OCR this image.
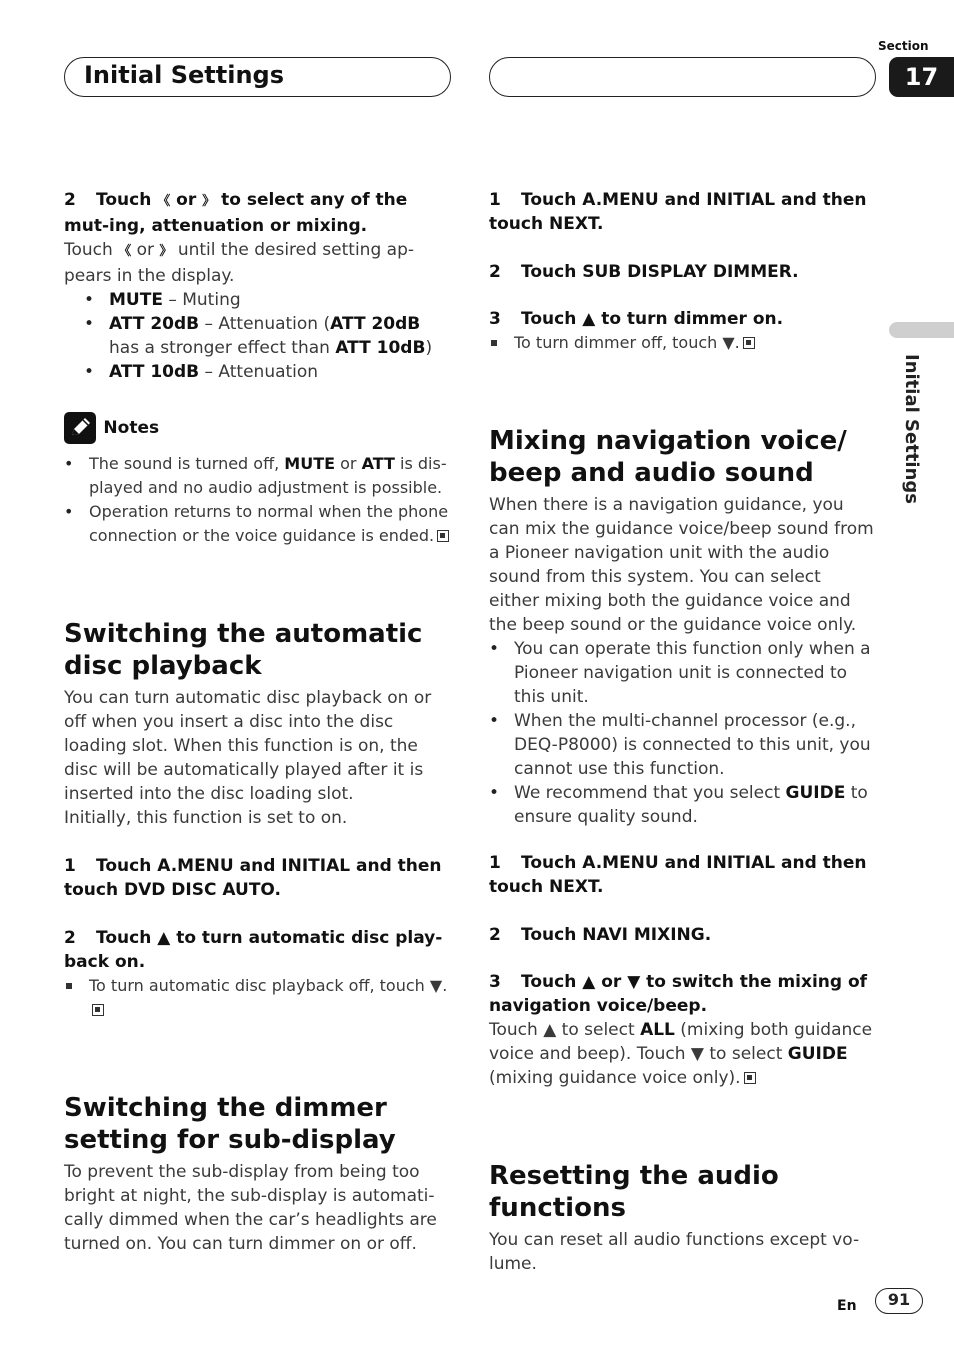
Initial Settings
Section
17
Initial Settings
2 Touch 《 or 》 to select any of the mut-ing, attenuation or mixing.
Touch 《 or 》 until the desired setting ap-pears in the display.
• MUTE – Muting
• ATT 20dB – Attenuation (ATT 20dB has a stronger effect than ATT 10dB)
• ATT 10dB – Attenuation
Notes
• The sound is turned off, MUTE or ATT is dis-played and no audio adjustment is possible.
• Operation returns to normal when the phone connection or the voice guidance is ended.
Switching the automatic disc playback
You can turn automatic disc playback on or off when you insert a disc into the disc loading slot. When this function is on, the disc will be automatically played after it is inserted into the disc loading slot.
Initially, this function is set to on.
1 Touch A.MENU and INITIAL and then touch DVD DISC AUTO.
2 Touch ▲ to turn automatic disc play-back on.
To turn automatic disc playback off, touch ▼.
Switching the dimmer setting for sub-display
To prevent the sub-display from being too bright at night, the sub-display is automati-cally dimmed when the car’s headlights are turned on. You can turn dimmer on or off.
1 Touch A.MENU and INITIAL and then touch NEXT.
2 Touch SUB DISPLAY DIMMER.
3 Touch ▲ to turn dimmer on.
To turn dimmer off, touch ▼.
Mixing navigation voice/ beep and audio sound
When there is a navigation guidance, you can mix the guidance voice/beep sound from a Pioneer navigation unit with the audio sound from this system. You can select either mixing both the guidance voice and the beep sound or the guidance voice only.
• You can operate this function only when a Pioneer navigation unit is connected to this unit.
• When the multi-channel processor (e.g., DEQ-P8000) is connected to this unit, you cannot use this function.
• We recommend that you select GUIDE to ensure quality sound.
1 Touch A.MENU and INITIAL and then touch NEXT.
2 Touch NAVI MIXING.
3 Touch ▲ or ▼ to switch the mixing of navigation voice/beep.
Touch ▲ to select ALL (mixing both guidance voice and beep). Touch ▼ to select GUIDE (mixing guidance voice only).
Resetting the audio functions
You can reset all audio functions except vo-lume.
En	91
